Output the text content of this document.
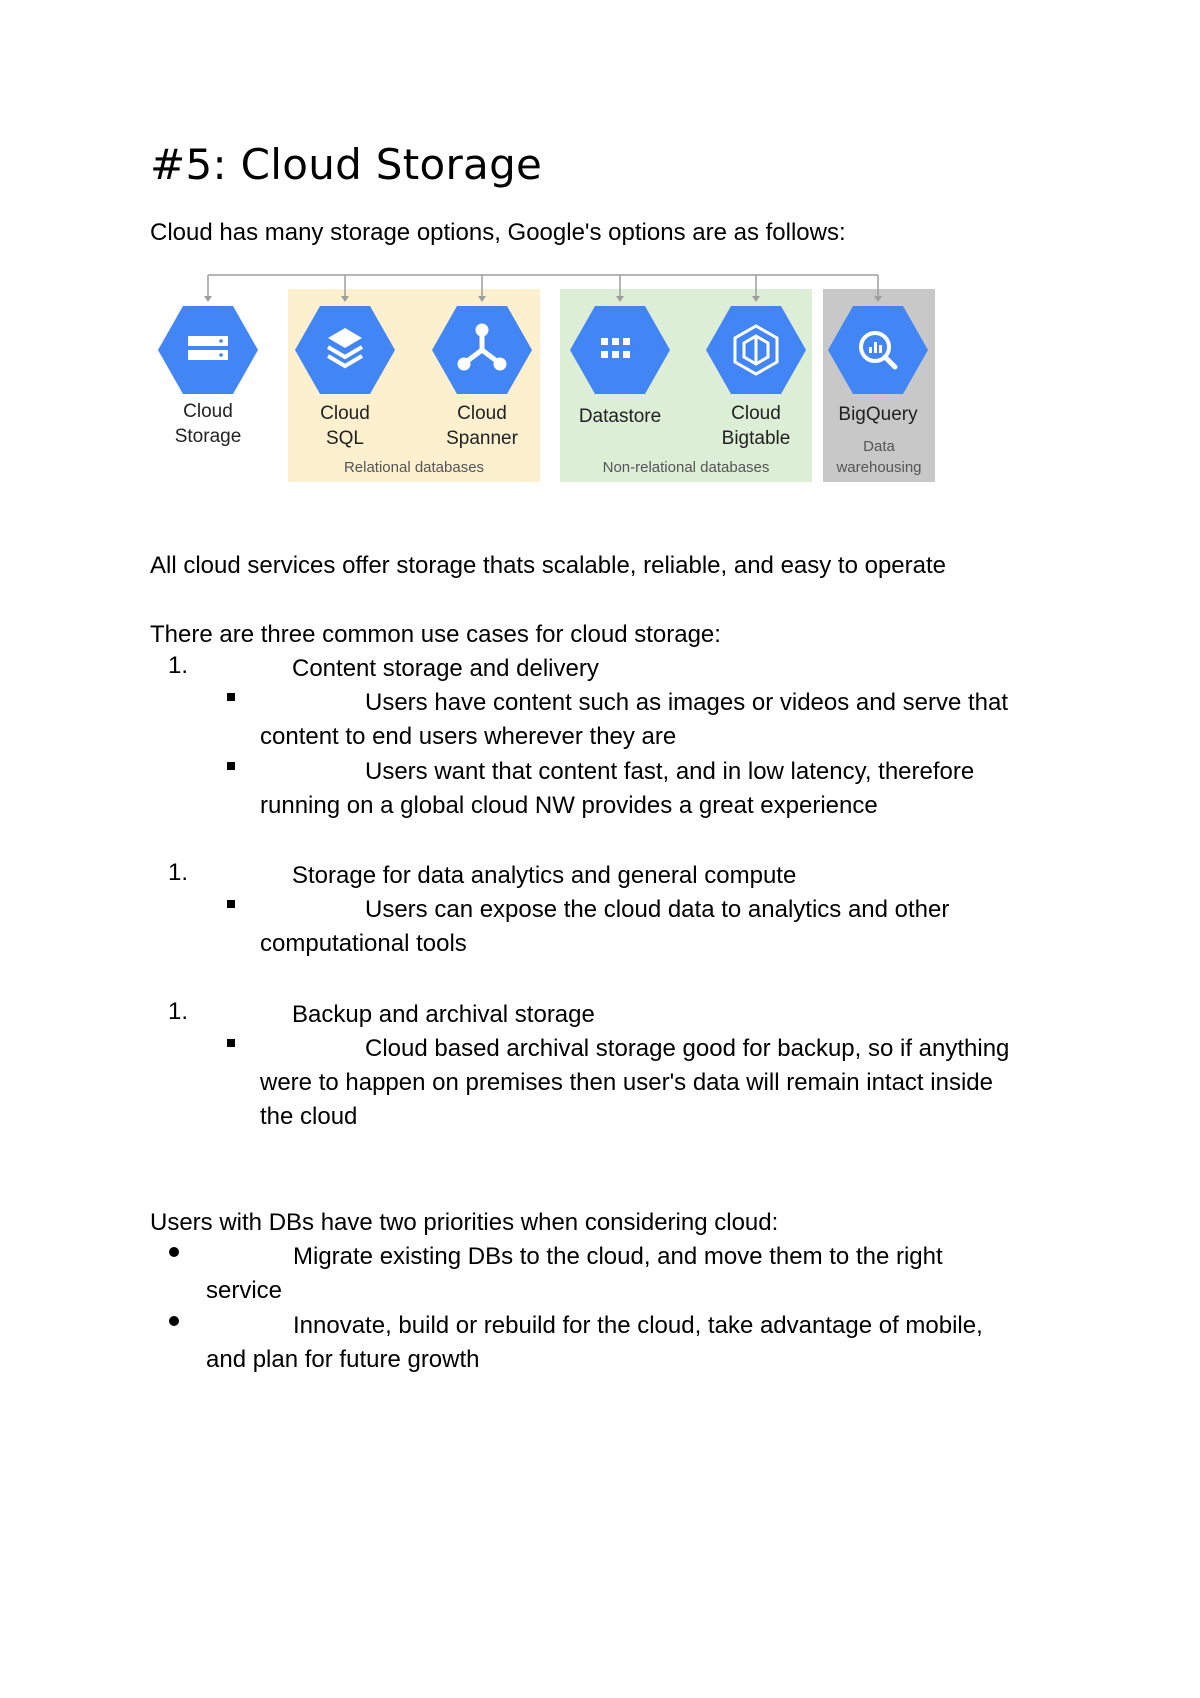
#5: Cloud Storage
Cloud has many storage options, Google's options are as follows:
Cloud
Storage
Cloud
SQL
Cloud
Spanner
Datastore	Cloud
Bigtable
BigQuery
Relational databases	Non-relational databases
Data
warehousing
All cloud services offer storage thats scalable, reliable, and easy to operate
There are three common use cases for cloud storage:
1.	Content storage and delivery
Users have content such as images or videos and serve that
content to end users wherever they are
Users want that content fast, and in low latency, therefore
running on a global cloud NW provides a great experience
1.	Storage for data analytics and general compute
Users can expose the cloud data to analytics and other
computational tools
1.	Backup and archival storage
Cloud based archival storage good for backup, so if anything
were to happen on premises then user's data will remain intact inside
the cloud
Users with DBs have two priorities when considering cloud:
Migrate existing DBs to the cloud, and move them to the right
service
Innovate, build or rebuild for the cloud, take advantage of mobile,
and plan for future growth
